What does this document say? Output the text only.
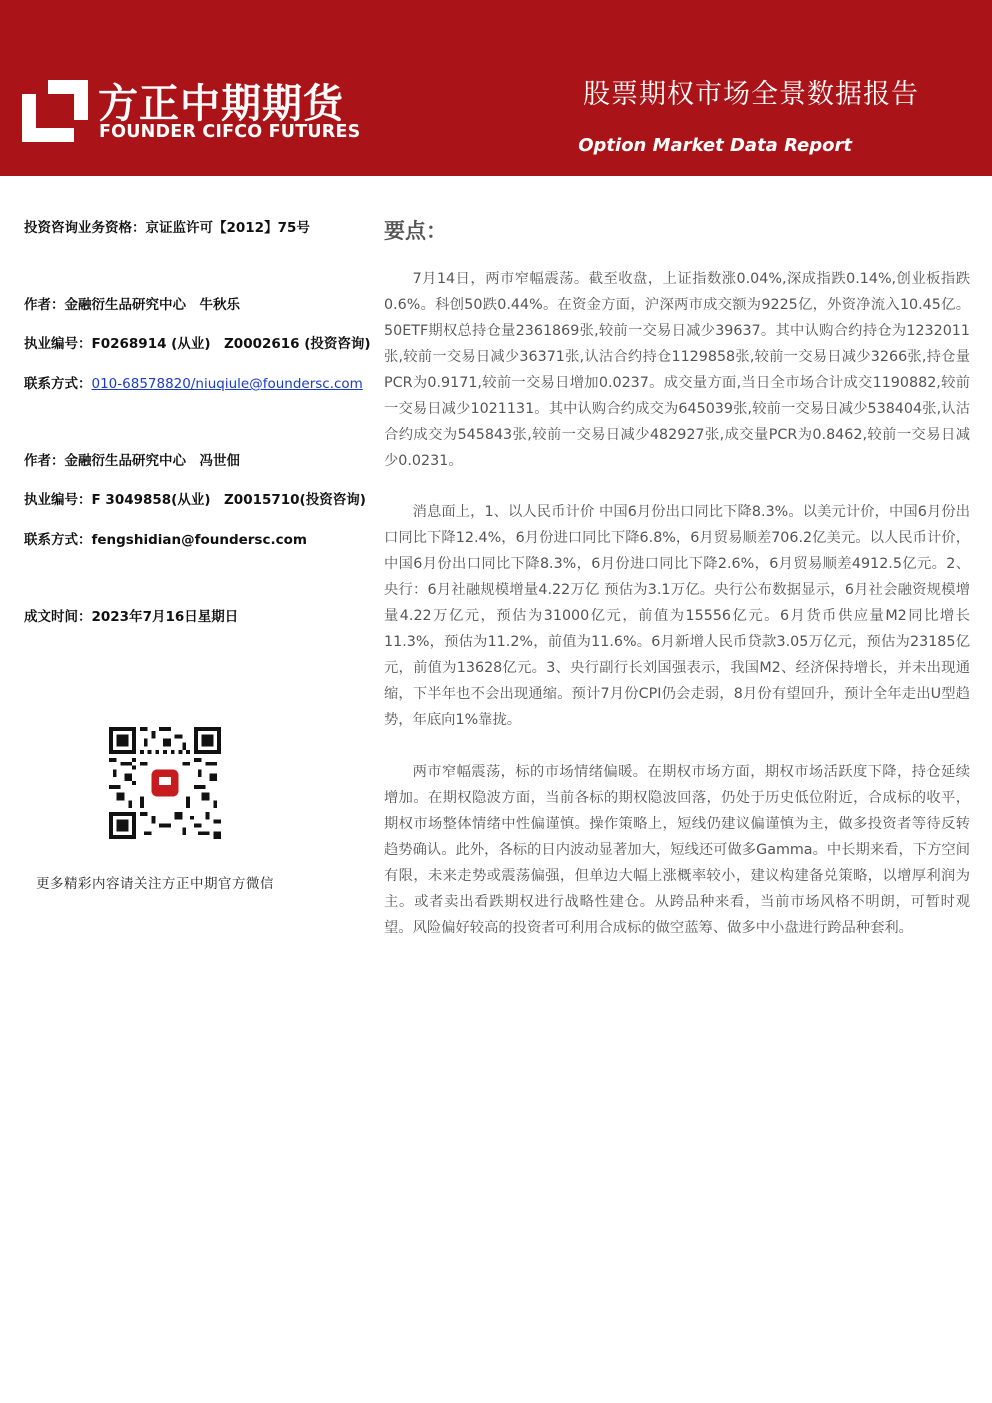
方正中期期货
FOUNDER CIFCO FUTURES
股票期权市场全景数据报告
Option Market Data Report
投资咨询业务资格：京证监许可【2012】75号
作者：金融衍生品研究中心　牛秋乐
执业编号：F0268914 (从业)　Z0002616 (投资咨询)
联系方式：010-68578820/niuqiule@foundersc.com
作者：金融衍生品研究中心　冯世佃
执业编号：F 3049858(从业)　Z0015710(投资咨询)
联系方式：fengshidian@foundersc.com
成文时间：2023年7月16日星期日
更多精彩内容请关注方正中期官方微信
要点：

7月14日，两市窄幅震荡。截至收盘，上证指数涨0.04%,深成指跌0.14%,创业板指跌0.6%。科创50跌0.44%。在资金方面，沪深两市成交额为9225亿，外资净流入10.45亿。50ETF期权总持仓量2361869张,较前一交易日减少39637。其中认购合约持仓为1232011张,较前一交易日减少36371张,认沽合约持仓1129858张,较前一交易日减少3266张,持仓量PCR为0.9171,较前一交易日增加0.0237。成交量方面,当日全市场合计成交1190882,较前一交易日减少1021131。其中认购合约成交为645039张,较前一交易日减少538404张,认沽合约成交为545843张,较前一交易日减少482927张,成交量PCR为0.8462,较前一交易日减少0.0231。

消息面上，1、以人民币计价 中国6月份出口同比下降8.3%。以美元计价，中国6月份出口同比下降12.4%，6月份进口同比下降6.8%，6月贸易顺差706.2亿美元。以人民币计价，中国6月份出口同比下降8.3%，6月份进口同比下降2.6%，6月贸易顺差4912.5亿元。2、央行：6月社融规模增量4.22万亿 预估为3.1万亿。央行公布数据显示，6月社会融资规模增量4.22万亿元，预估为31000亿元，前值为15556亿元。6月货币供应量M2同比增长11.3%，预估为11.2%，前值为11.6%。6月新增人民币贷款3.05万亿元，预估为23185亿元，前值为13628亿元。3、央行副行长刘国强表示，我国M2、经济保持增长，并未出现通缩，下半年也不会出现通缩。预计7月份CPI仍会走弱，8月份有望回升，预计全年走出U型趋势，年底向1%靠拢。

两市窄幅震荡，标的市场情绪偏暖。在期权市场方面，期权市场活跃度下降，持仓延续增加。在期权隐波方面，当前各标的期权隐波回落，仍处于历史低位附近，合成标的收平，期权市场整体情绪中性偏谨慎。操作策略上，短线仍建议偏谨慎为主，做多投资者等待反转趋势确认。此外，各标的日内波动显著加大，短线还可做多Gamma。中长期来看，下方空间有限，未来走势或震荡偏强，但单边大幅上涨概率较小，建议构建备兑策略，以增厚利润为主。或者卖出看跌期权进行战略性建仓。从跨品种来看，当前市场风格不明朗，可暂时观望。风险偏好较高的投资者可利用合成标的做空蓝筹、做多中小盘进行跨品种套利。
